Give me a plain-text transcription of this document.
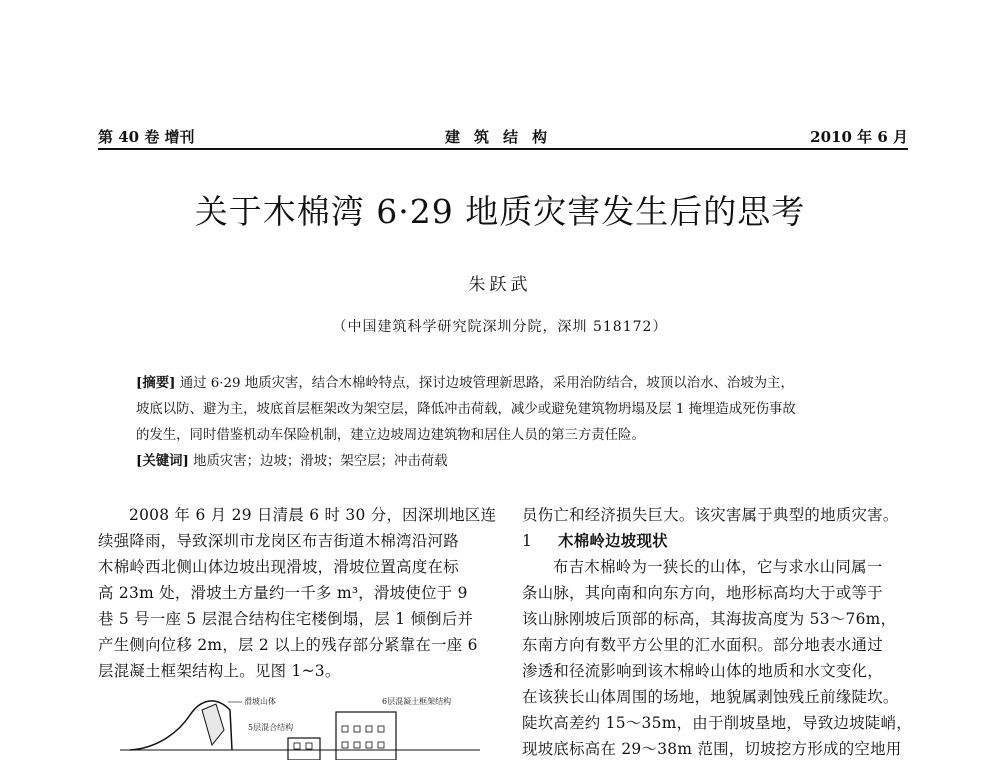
第 40 卷 增刊	建筑结构	2010 年 6 月
关于木棉湾 6·29 地质灾害发生后的思考
朱跃武
（中国建筑科学研究院深圳分院，深圳 518172）
[摘要] 通过 6·29 地质灾害，结合木棉岭特点，探讨边坡管理新思路，采用治防结合，坡顶以治水、治坡为主，
坡底以防、避为主，坡底首层框架改为架空层，降低冲击荷载，减少或避免建筑物坍塌及层 1 掩埋造成死伤事故
的发生，同时借鉴机动车保险机制，建立边坡周边建筑物和居住人员的第三方责任险。
[关键词] 地质灾害；边坡；滑坡；架空层；冲击荷载
2008 年 6 月 29 日清晨 6 时 30 分，因深圳地区连
续强降雨，导致深圳市龙岗区布吉街道木棉湾沿河路
木棉岭西北侧山体边坡出现滑坡，滑坡位置高度在标
高 23m 处，滑坡土方量约一千多 m³，滑坡使位于 9
巷 5 号一座 5 层混合结构住宅楼倒塌，层 1 倾倒后并
产生侧向位移 2m，层 2 以上的残存部分紧靠在一座 6
层混凝土框架结构上。见图 1~3。
员伤亡和经济损失巨大。该灾害属于典型的地质灾害。
1 木棉岭边坡现状
布吉木棉岭为一狭长的山体，它与求水山同属一
条山脉，其向南和向东方向，地形标高均大于或等于
该山脉刚坡后顶部的标高，其海拔高度为 53～76m，
东南方向有数平方公里的汇水面积。部分地表水通过
渗透和径流影响到该木棉岭山体的地质和水文变化，
在该狭长山体周围的场地，地貌属剥蚀残丘前缘陡坎。
陡坎高差约 15～35m，由于削坡垦地，导致边坡陡峭，
现坡底标高在 29～38m 范围，切坡挖方形成的空地用
滑坡山体
5层混合结构
6层混凝土框架结构
